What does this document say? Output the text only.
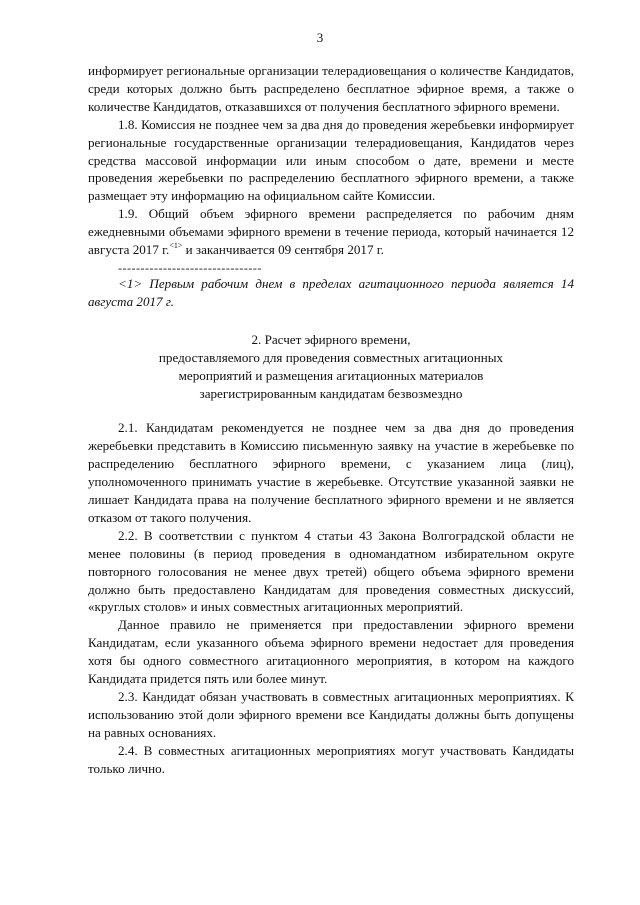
3

информирует региональные организации телерадиовещания о количестве Кандидатов, среди которых должно быть распределено бесплатное эфирное время, а также о количестве Кандидатов, отказавшихся от получения бесплатного эфирного времени.

1.8. Комиссия не позднее чем за два дня до проведения жеребьевки информирует региональные государственные организации телерадиовещания, Кандидатов через средства массовой информации или иным способом о дате, времени и месте проведения жеребьевки по распределению бесплатного эфирного времени, а также размещает эту информацию на официальном сайте Комиссии.

1.9. Общий объем эфирного времени распределяется по рабочим дням ежедневными объемами эфирного времени в течение периода, который начинается 12 августа 2017 г.$^{<1>}$ и заканчивается 09 сентября 2017 г.

--------------------------------

<1> Первым рабочим днем в пределах агитационного периода является 14 августа 2017 г.

2. Расчет эфирного времени,

предоставляемого для проведения совместных агитационных

мероприятий и размещения агитационных материалов

зарегистрированным кандидатам безвозмездно

2.1. Кандидатам рекомендуется не позднее чем за два дня до проведения жеребьевки представить в Комиссию письменную заявку на участие в жеребьевке по распределению бесплатного эфирного времени, с указанием лица (лиц), уполномоченного принимать участие в жеребьевке. Отсутствие указанной заявки не лишает Кандидата права на получение бесплатного эфирного времени и не является отказом от такого получения.

2.2. В соответствии с пунктом 4 статьи 43 Закона Волгоградской области не менее половины (в период проведения в одномандатном избирательном округе повторного голосования не менее двух третей) общего объема эфирного времени должно быть предоставлено Кандидатам для проведения совместных дискуссий, «круглых столов» и иных совместных агитационных мероприятий.

Данное правило не применяется при предоставлении эфирного времени Кандидатам, если указанного объема эфирного времени недостает для проведения хотя бы одного совместного агитационного мероприятия, в котором на каждого Кандидата придется пять или более минут.

2.3. Кандидат обязан участвовать в совместных агитационных мероприятиях. К использованию этой доли эфирного времени все Кандидаты должны быть допущены на равных основаниях.

2.4. В совместных агитационных мероприятиях могут участвовать Кандидаты только лично.
